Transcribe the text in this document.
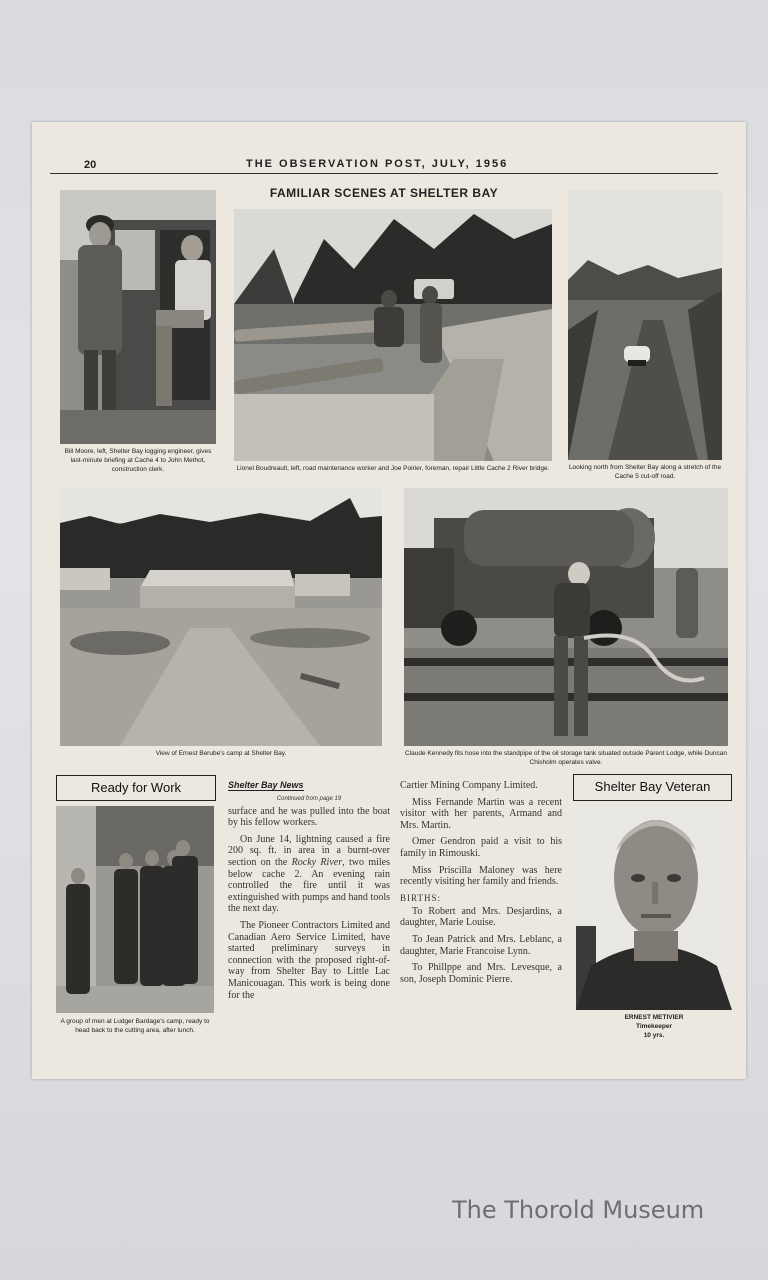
20	THE OBSERVATION POST, JULY, 1956
FAMILIAR SCENES AT SHELTER BAY
Bill Moore, left, Shelter Bay logging engineer, gives last-minute briefing at Cache 4 to John Methot, construction clerk.	Lionel Boudreault, left, road maintenance worker and Joe Poirier, foreman, repair Little Cache 2 River bridge.	Looking north from Shelter Bay along a stretch of the Cache 5 cut-off road.
View of Ernest Berube's camp at Shelter Bay.	Claude Kennedy fits hose into the standpipe of the oil storage tank situated outside Parent Lodge, while Duncan Chisholm operates valve.
Ready for Work
A group of men at Ludger Bardage's camp, ready to head back to the cutting area, after lunch.
Shelter Bay News
Continued from page 19

surface and he was pulled into the boat by his fellow workers.

On June 14, lightning caused a fire 200 sq. ft. in area in a burnt-over section on the Rocky River, two miles below cache 2. An evening rain controlled the fire until it was extinguished with pumps and hand tools the next day.

The Pioneer Contractors Limited and Canadian Aero Service Limited, have started preliminary surveys in connection with the proposed right-of-way from Shelter Bay to Little Lac Manicouagan. This work is being done for the

Cartier Mining Company Limited.

Miss Fernande Martin was a recent visitor with her parents, Armand and Mrs. Martin.

Omer Gendron paid a visit to his family in Rimouski.

Miss Priscilla Maloney was here recently visiting her family and friends.

BIRTHS:

To Robert and Mrs. Desjardins, a daughter, Marie Louise.

To Jean Patrick and Mrs. Leblanc, a daughter, Marie Francoise Lynn.

To Phillppe and Mrs. Levesque, a son, Joseph Dominic Pierre.

Shelter Bay Veteran
ERNEST METIVIER
Timekeeper
10 yrs.
The Thorold Museum
